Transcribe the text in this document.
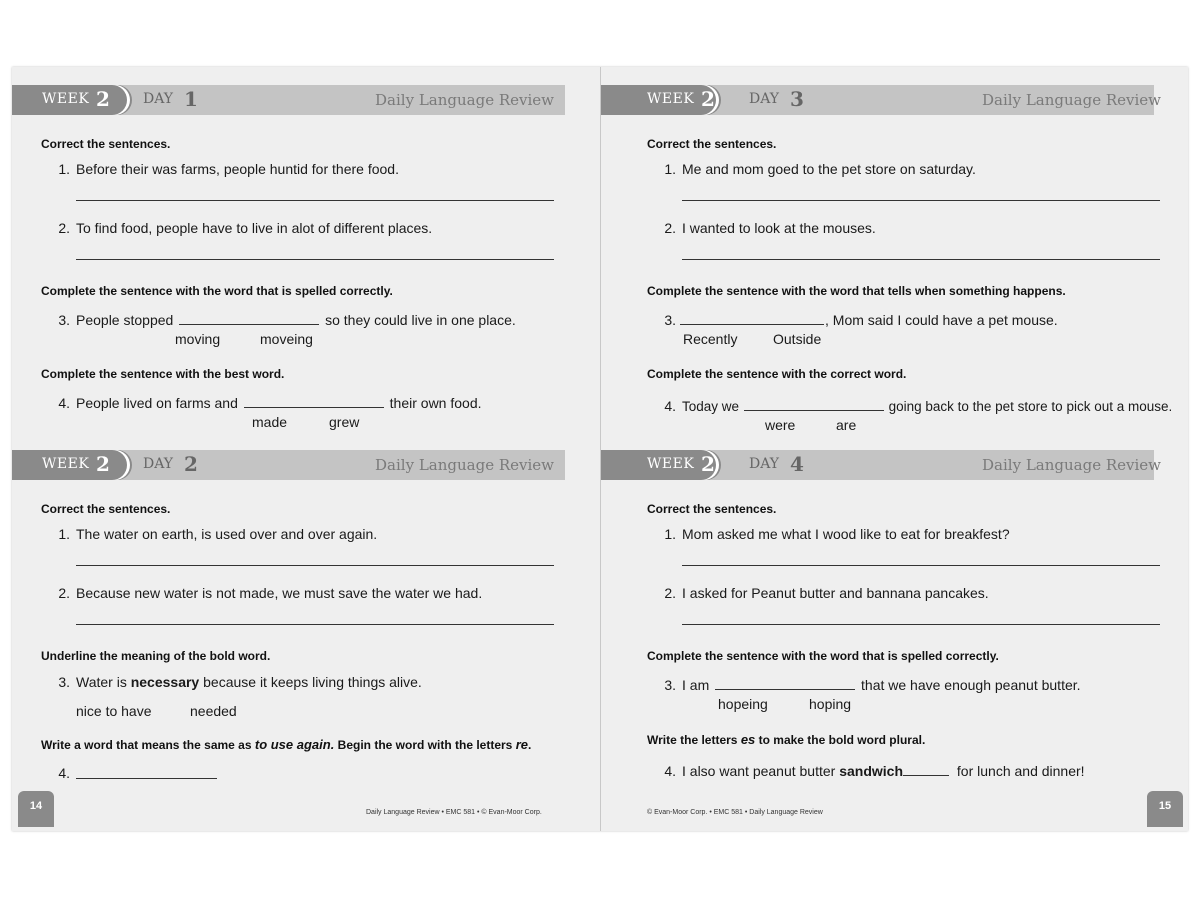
WEEK 2 DAY 1	Daily Language Review
Correct the sentences.
1. Before their was farms, people huntid for there food.
2. To find food, people have to live in alot of different places.
Complete the sentence with the word that is spelled correctly.
3. People stopped	so they could live in one place.
moving	moveing
Complete the sentence with the best word.
4. People lived on farms and	their own food.
made	grew
WEEK 2 DAY 3	Daily Language Review
Correct the sentences.
1. Me and mom goed to the pet store on saturday.
2. I wanted to look at the mouses.
Complete the sentence with the word that tells when something happens.
3.	, Mom said I could have a pet mouse.
Recently	Outside
Complete the sentence with the correct word.
4. Today we	going back to the pet store to pick out a mouse.
were	are
WEEK 2 DAY 2	Daily Language Review
Correct the sentences.
1. The water on earth, is used over and over again.
2. Because new water is not made, we must save the water we had.
Underline the meaning of the bold word.
3. Water is necessary because it keeps living things alive.
nice to have	needed
Write a word that means the same as to use again. Begin the word with the letters re.
4.
14
Daily Language Review • EMC 581 • © Evan-Moor Corp.
WEEK 2 DAY 4	Daily Language Review
Correct the sentences.
1. Mom asked me what I wood like to eat for breakfest?
2. I asked for Peanut butter and bannana pancakes.
Complete the sentence with the word that is spelled correctly.
3. I am	that we have enough peanut butter.
hopeing	hoping
Write the letters es to make the bold word plural.
4. I also want peanut butter sandwich	for lunch and dinner!
© Evan-Moor Corp. • EMC 581 • Daily Language Review
15
